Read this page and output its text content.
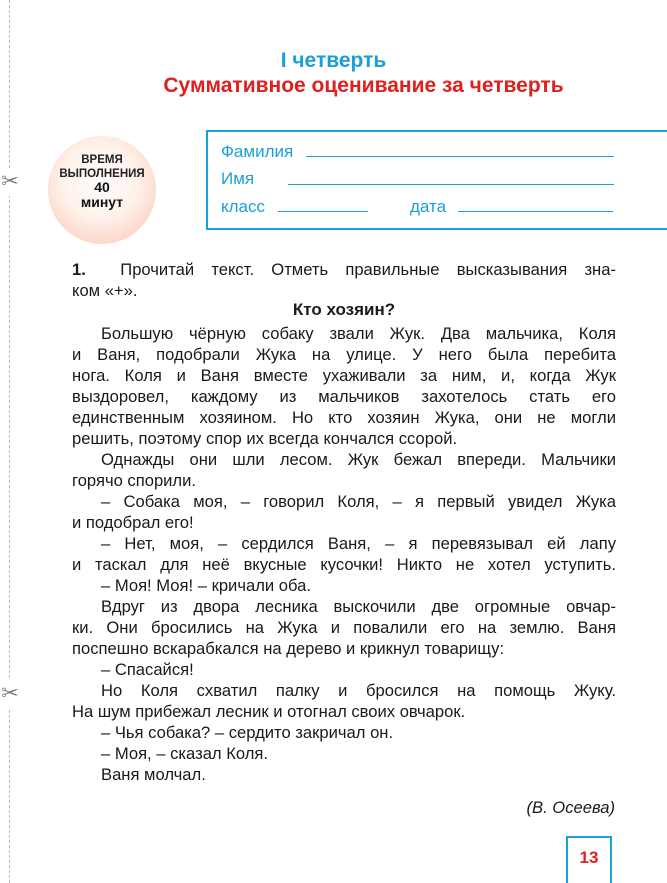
✂
✂
I четверть
Суммативное оценивание за четверть
ВРЕМЯ
ВЫПОЛНЕНИЯ
40
минут
Фамилия
Имя
класс	дата
1. Прочитай текст. Отметь правильные высказывания зна-
ком «+».
Кто хозяин?
Большую чёрную собаку звали Жук. Два мальчика, Коля
и Ваня, подобрали Жука на улице. У него была перебита
нога. Коля и Ваня вместе ухаживали за ним, и, когда Жук
выздоровел, каждому из мальчиков захотелось стать его
единственным хозяином. Но кто хозяин Жука, они не могли
решить, поэтому спор их всегда кончался ссорой.
Однажды они шли лесом. Жук бежал впереди. Мальчики
горячо спорили.
– Собака моя, – говорил Коля, – я первый увидел Жука
и подобрал его!
– Нет, моя, – сердился Ваня, – я перевязывал ей лапу
и таскал для неё вкусные кусочки! Никто не хотел уступить.
– Моя! Моя! – кричали оба.
Вдруг из двора лесника выскочили две огромные овчар-
ки. Они бросились на Жука и повалили его на землю. Ваня
поспешно вскарабкался на дерево и крикнул товарищу:
– Спасайся!
Но Коля схватил палку и бросился на помощь Жуку.
На шум прибежал лесник и отогнал своих овчарок.
– Чья собака? – сердито закричал он.
– Моя, – сказал Коля.
Ваня молчал.
(В. Осеева)
13
